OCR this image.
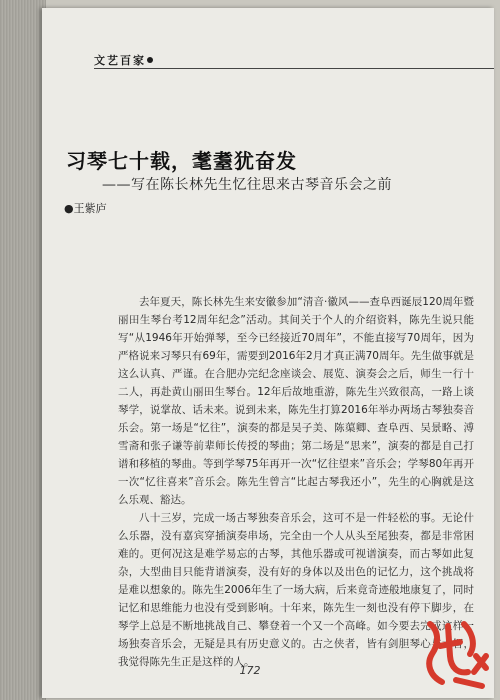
文艺百家
习琴七十载，耄耋犹奋发
——写在陈长林先生忆往思来古琴音乐会之前
●王紫庐

去年夏天，陈长林先生来安徽参加“清音·徽风——查阜西诞辰120周年暨丽田生琴台考12周年纪念”活动。其间关于个人的介绍资料，陈先生说只能写“从1946年开始弹琴，至今已经接近70周年”，不能直接写70周年，因为严格说来习琴只有69年，需要到2016年2月才真正满70周年。先生做事就是这么认真、严谨。在合肥办完纪念座谈会、展览、演奏会之后，师生一行十二人，再赴黄山丽田生琴台。12年后故地重游，陈先生兴致很高，一路上谈琴学，说掌故、话未来。说到未来，陈先生打算2016年举办两场古琴独奏音乐会。第一场是“忆往”，演奏的都是吴子美、陈蕖卿、查阜西、吴景略、溥雪斋和张子谦等前辈师长传授的琴曲；第二场是“思来”，演奏的都是自己打谱和移植的琴曲。等到学琴75年再开一次“忆往望来”音乐会；学琴80年再开一次“忆往喜来”音乐会。陈先生曾言“比起古琴我还小”，先生的心胸就是这么乐观、豁达。

八十三岁，完成一场古琴独奏音乐会，这可不是一件轻松的事。无论什么乐器，没有嘉宾穿插演奏串场，完全由一个人从头至尾独奏，都是非常困难的。更何况这是难学易忘的古琴，其他乐器或可视谱演奏，而古琴如此复杂，大型曲目只能背谱演奏，没有好的身体以及出色的记忆力，这个挑战将是难以想象的。陈先生2006年生了一场大病，后来竟奇迹般地康复了，同时记忆和思维能力也没有受到影响。十年来，陈先生一刻也没有停下脚步，在琴学上总是不断地挑战自己、攀登着一个又一个高峰。如今要去完成这样一场独奏音乐会，无疑是具有历史意义的。古之侠者，皆有剑胆琴心与大智，我觉得陈先生正是这样的人。

172
